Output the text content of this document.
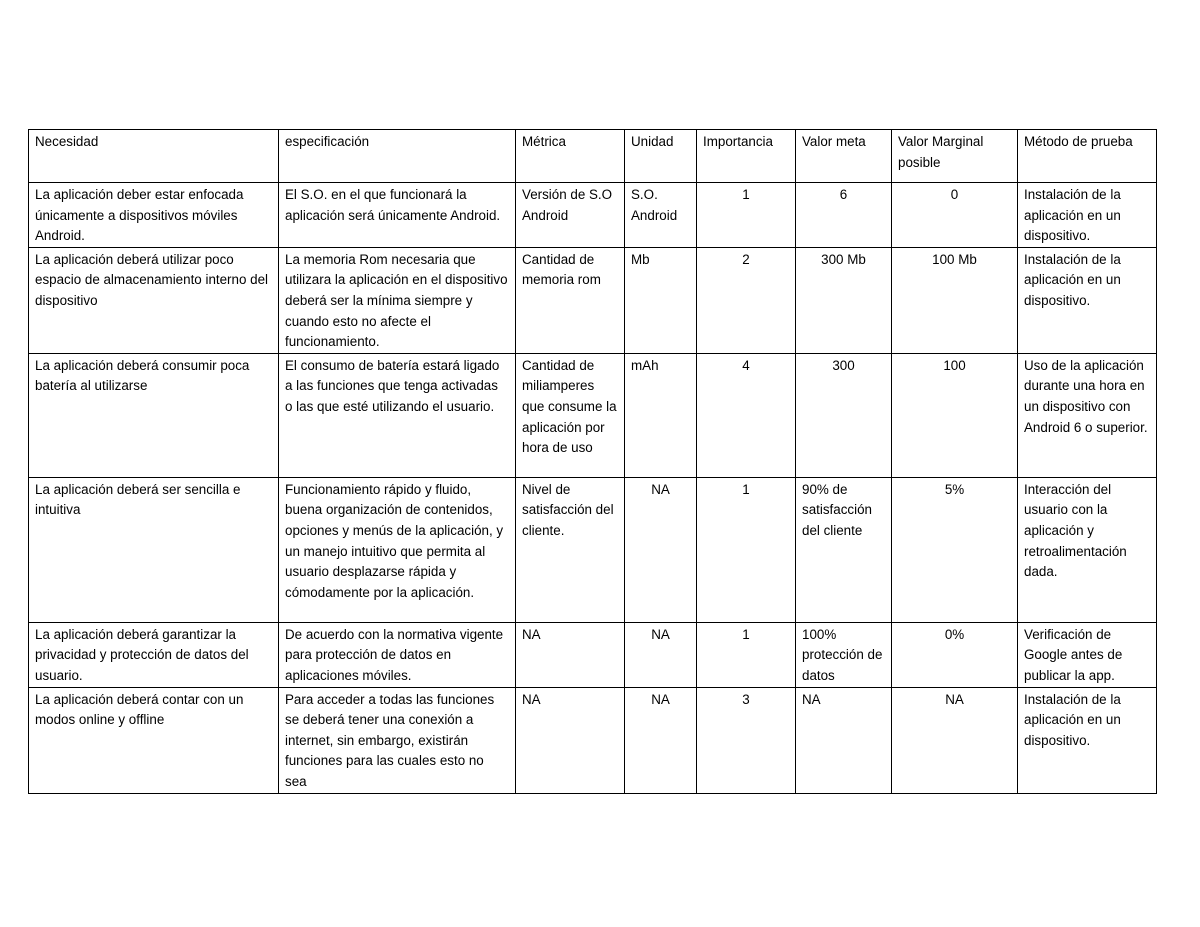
Necesidad	especificación	Métrica	Unidad	Importancia	Valor meta	Valor Marginal posible	Método de prueba
La aplicación deber estar enfocada únicamente a dispositivos móviles Android.	El S.O. en el que funcionará la aplicación será únicamente Android.	Versión de S.O Android	S.O. Android	1	6	0	Instalación de la aplicación en un dispositivo.
La aplicación deberá utilizar poco espacio de almacenamiento interno del dispositivo	La memoria Rom necesaria que utilizara la aplicación en el dispositivo deberá ser la mínima siempre y cuando esto no afecte el funcionamiento.	Cantidad de memoria rom	Mb	2	300 Mb	100 Mb	Instalación de la aplicación en un dispositivo.
La aplicación deberá consumir poca batería al utilizarse	El consumo de batería estará ligado a las funciones que tenga activadas o las que esté utilizando el usuario.	Cantidad de miliamperes que consume la aplicación por hora de uso	mAh	4	300	100	Uso de la aplicación durante una hora en un dispositivo con Android 6 o superior.
La aplicación deberá ser sencilla e intuitiva	Funcionamiento rápido y fluido, buena organización de contenidos, opciones y menús de la aplicación, y un manejo intuitivo que permita al usuario desplazarse rápida y cómodamente por la aplicación.	Nivel de satisfacción del cliente.	NA	1	90% de satisfacción del cliente	5%	Interacción del usuario con la aplicación y retroalimentación dada.
La aplicación deberá garantizar la privacidad y protección de datos del usuario.	De acuerdo con la normativa vigente para protección de datos en aplicaciones móviles.	NA	NA	1	100% protección de datos	0%	Verificación de Google antes de publicar la app.
La aplicación deberá contar con un modos online y offline	Para acceder a todas las funciones se deberá tener una conexión a internet, sin embargo, existirán funciones para las cuales esto no sea	NA	NA	3	NA	NA	Instalación de la aplicación en un dispositivo.
